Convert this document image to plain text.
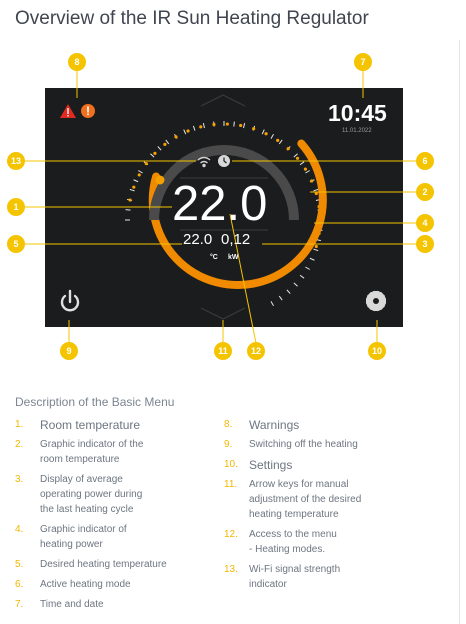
Overview of the IR Sun Heating Regulator
10:45
11.01.2022
22.0
22.0 0,12
°C kW
8	7
13	6
1
2
4
5	3
9	11	12	10
Description of the Basic Menu
1. Room temperature
2. Graphic indicator of the
room temperature
3. Display of average
operating power during
the last heating cycle
4. Graphic indicator of
heating power
5. Desired heating temperature
6. Active heating mode
7. Time and date
8. Warnings
9. Switching off the heating
10. Settings
11. Arrow keys for manual
adjustment of the desired
heating temperature
12. Access to the menu
- Heating modes.
13. Wi-Fi signal strength
indicator
